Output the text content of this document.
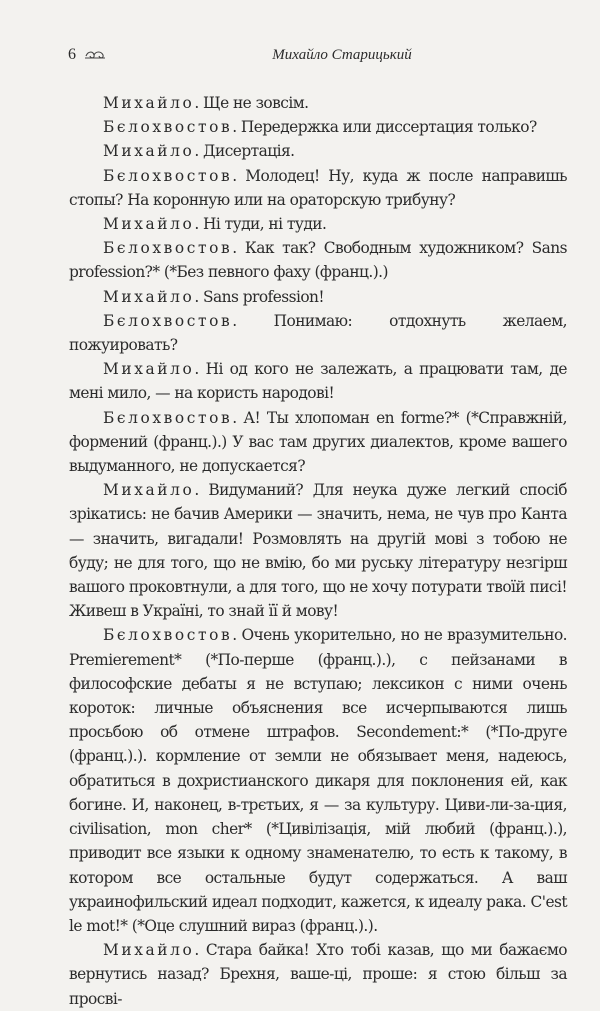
6	Михайло Старицький

Михайло. Ще не зовсім.

Бєлохвостов. Передержка или диссертация только?

Михайло. Дисертація.

Бєлохвостов. Молодец! Ну, куда ж после направишь стопы? На коронную или на ораторскую трибуну?

Михайло. Ні туди, ні туди.

Бєлохвостов. Как так? Свободным художником? Sans profession?* (*Без певного фаху (франц.).)

Михайло. Sans profession!

Бєлохвостов. Понимаю: отдохнуть желаем, пожуировать?

Михайло. Ні од кого не залежать, а працювати там, де мені мило, — на користь народові!

Бєлохвостов. А! Ты хлопоман en forme?* (*Справжній, формений (франц.).) У вас там других диалектов, кроме вашего выдуманного, не допускается?

Михайло. Видуманий? Для неука дуже легкий спосіб зрікатись: не бачив Америки — значить, нема, не чув про Канта — значить, вигадали! Розмовлять на другій мові з тобою не буду; не для того, що не вмію, бо ми руську літературу незгірш вашого проковтнули, а для того, що не хочу потурати твоїй писі! Живеш в Україні, то знай її й мову!

Бєлохвостов. Очень укорительно, но не вразумительно. Premierement* (*По-перше (франц.).), с пейзанами в философские дебаты я не вступаю; лексикон с ними очень короток: личные объяснения все исчерпываются лишь просьбою об отмене штрафов. Secondement:* (*По-друге (франц.).). кормление от земли не обязывает меня, надеюсь, обратиться в дохристианского дикаря для поклонения ей, как богине. И, наконец, в-трєтьих, я — за культуру. Циви-ли-за-ция, civilisation, mon cher* (*Цивілізація, мій любий (франц.).), приводит все языки к одному знаменателю, то есть к такому, в котором все остальные будут содержаться. А ваш украинофильский идеал подходит, кажется, к идеалу рака. C'est le mot!* (*Оце слушний вираз (франц.).).

Михайло. Стара байка! Хто тобі казав, що ми бажаємо вернутись назад? Брехня, ваше-ці, проше: я стою більш за просві-
